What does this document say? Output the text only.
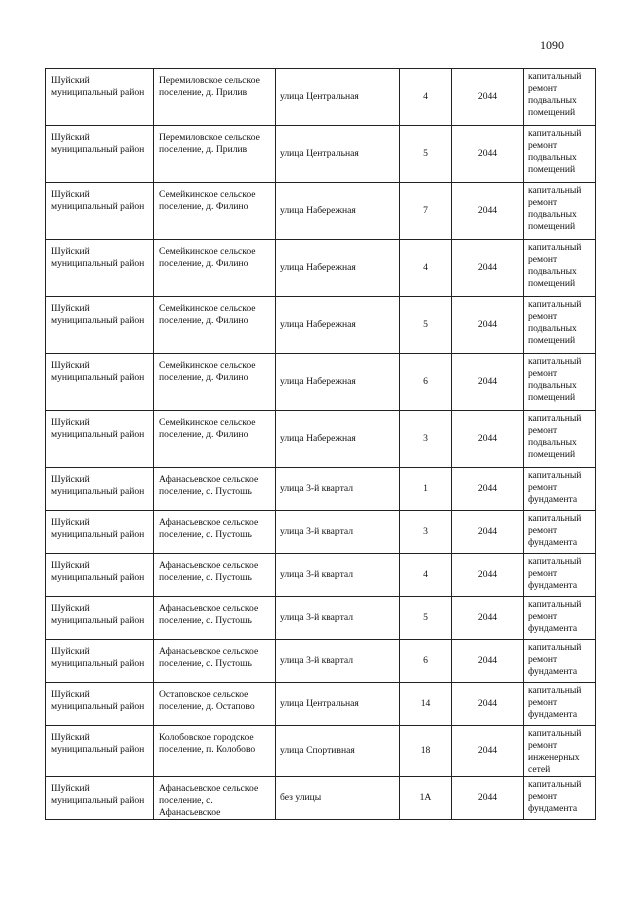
1090
Шуйский муниципальный район	Пеpемиловское сельское поселение, д. Прилив	улица Центральная	4	2044	капитальный ремонт подвальных помещений
Шуйский муниципальный район	Пеpемиловское сельское поселение, д. Прилив	улица Центральная	5	2044	капитальный ремонт подвальных помещений
Шуйский муниципальный район	Семейкинское сельское поселение, д. Филино	улица Набережная	7	2044	капитальный ремонт подвальных помещений
Шуйский муниципальный район	Семейкинское сельское поселение, д. Филино	улица Набережная	4	2044	капитальный ремонт подвальных помещений
Шуйский муниципальный район	Семейкинское сельское поселение, д. Филино	улица Набережная	5	2044	капитальный ремонт подвальных помещений
Шуйский муниципальный район	Семейкинское сельское поселение, д. Филино	улица Набережная	6	2044	капитальный ремонт подвальных помещений
Шуйский муниципальный район	Семейкинское сельское поселение, д. Филино	улица Набережная	3	2044	капитальный ремонт подвальных помещений
Шуйский муниципальный район	Афанасьевское сельское поселение, с. Пустошь	улица 3-й квартал	1	2044	капитальный ремонт фундамента
Шуйский муниципальный район	Афанасьевское сельское поселение, с. Пустошь	улица 3-й квартал	3	2044	капитальный ремонт фундамента
Шуйский муниципальный район	Афанасьевское сельское поселение, с. Пустошь	улица 3-й квартал	4	2044	капитальный ремонт фундамента
Шуйский муниципальный район	Афанасьевское сельское поселение, с. Пустошь	улица 3-й квартал	5	2044	капитальный ремонт фундамента
Шуйский муниципальный район	Афанасьевское сельское поселение, с. Пустошь	улица 3-й квартал	6	2044	капитальный ремонт фундамента
Шуйский муниципальный район	Остаповское сельское поселение, д. Остапово	улица Центральная	14	2044	капитальный ремонт фундамента
Шуйский муниципальный район	Колобовское городское поселение, п. Колобово	улица Спортивная	18	2044	капитальный ремонт инженерных сетей
Шуйский муниципальный район	Афанасьевское сельское поселение, с. Афанасьевское	без улицы	1А	2044	капитальный ремонт фундамента
